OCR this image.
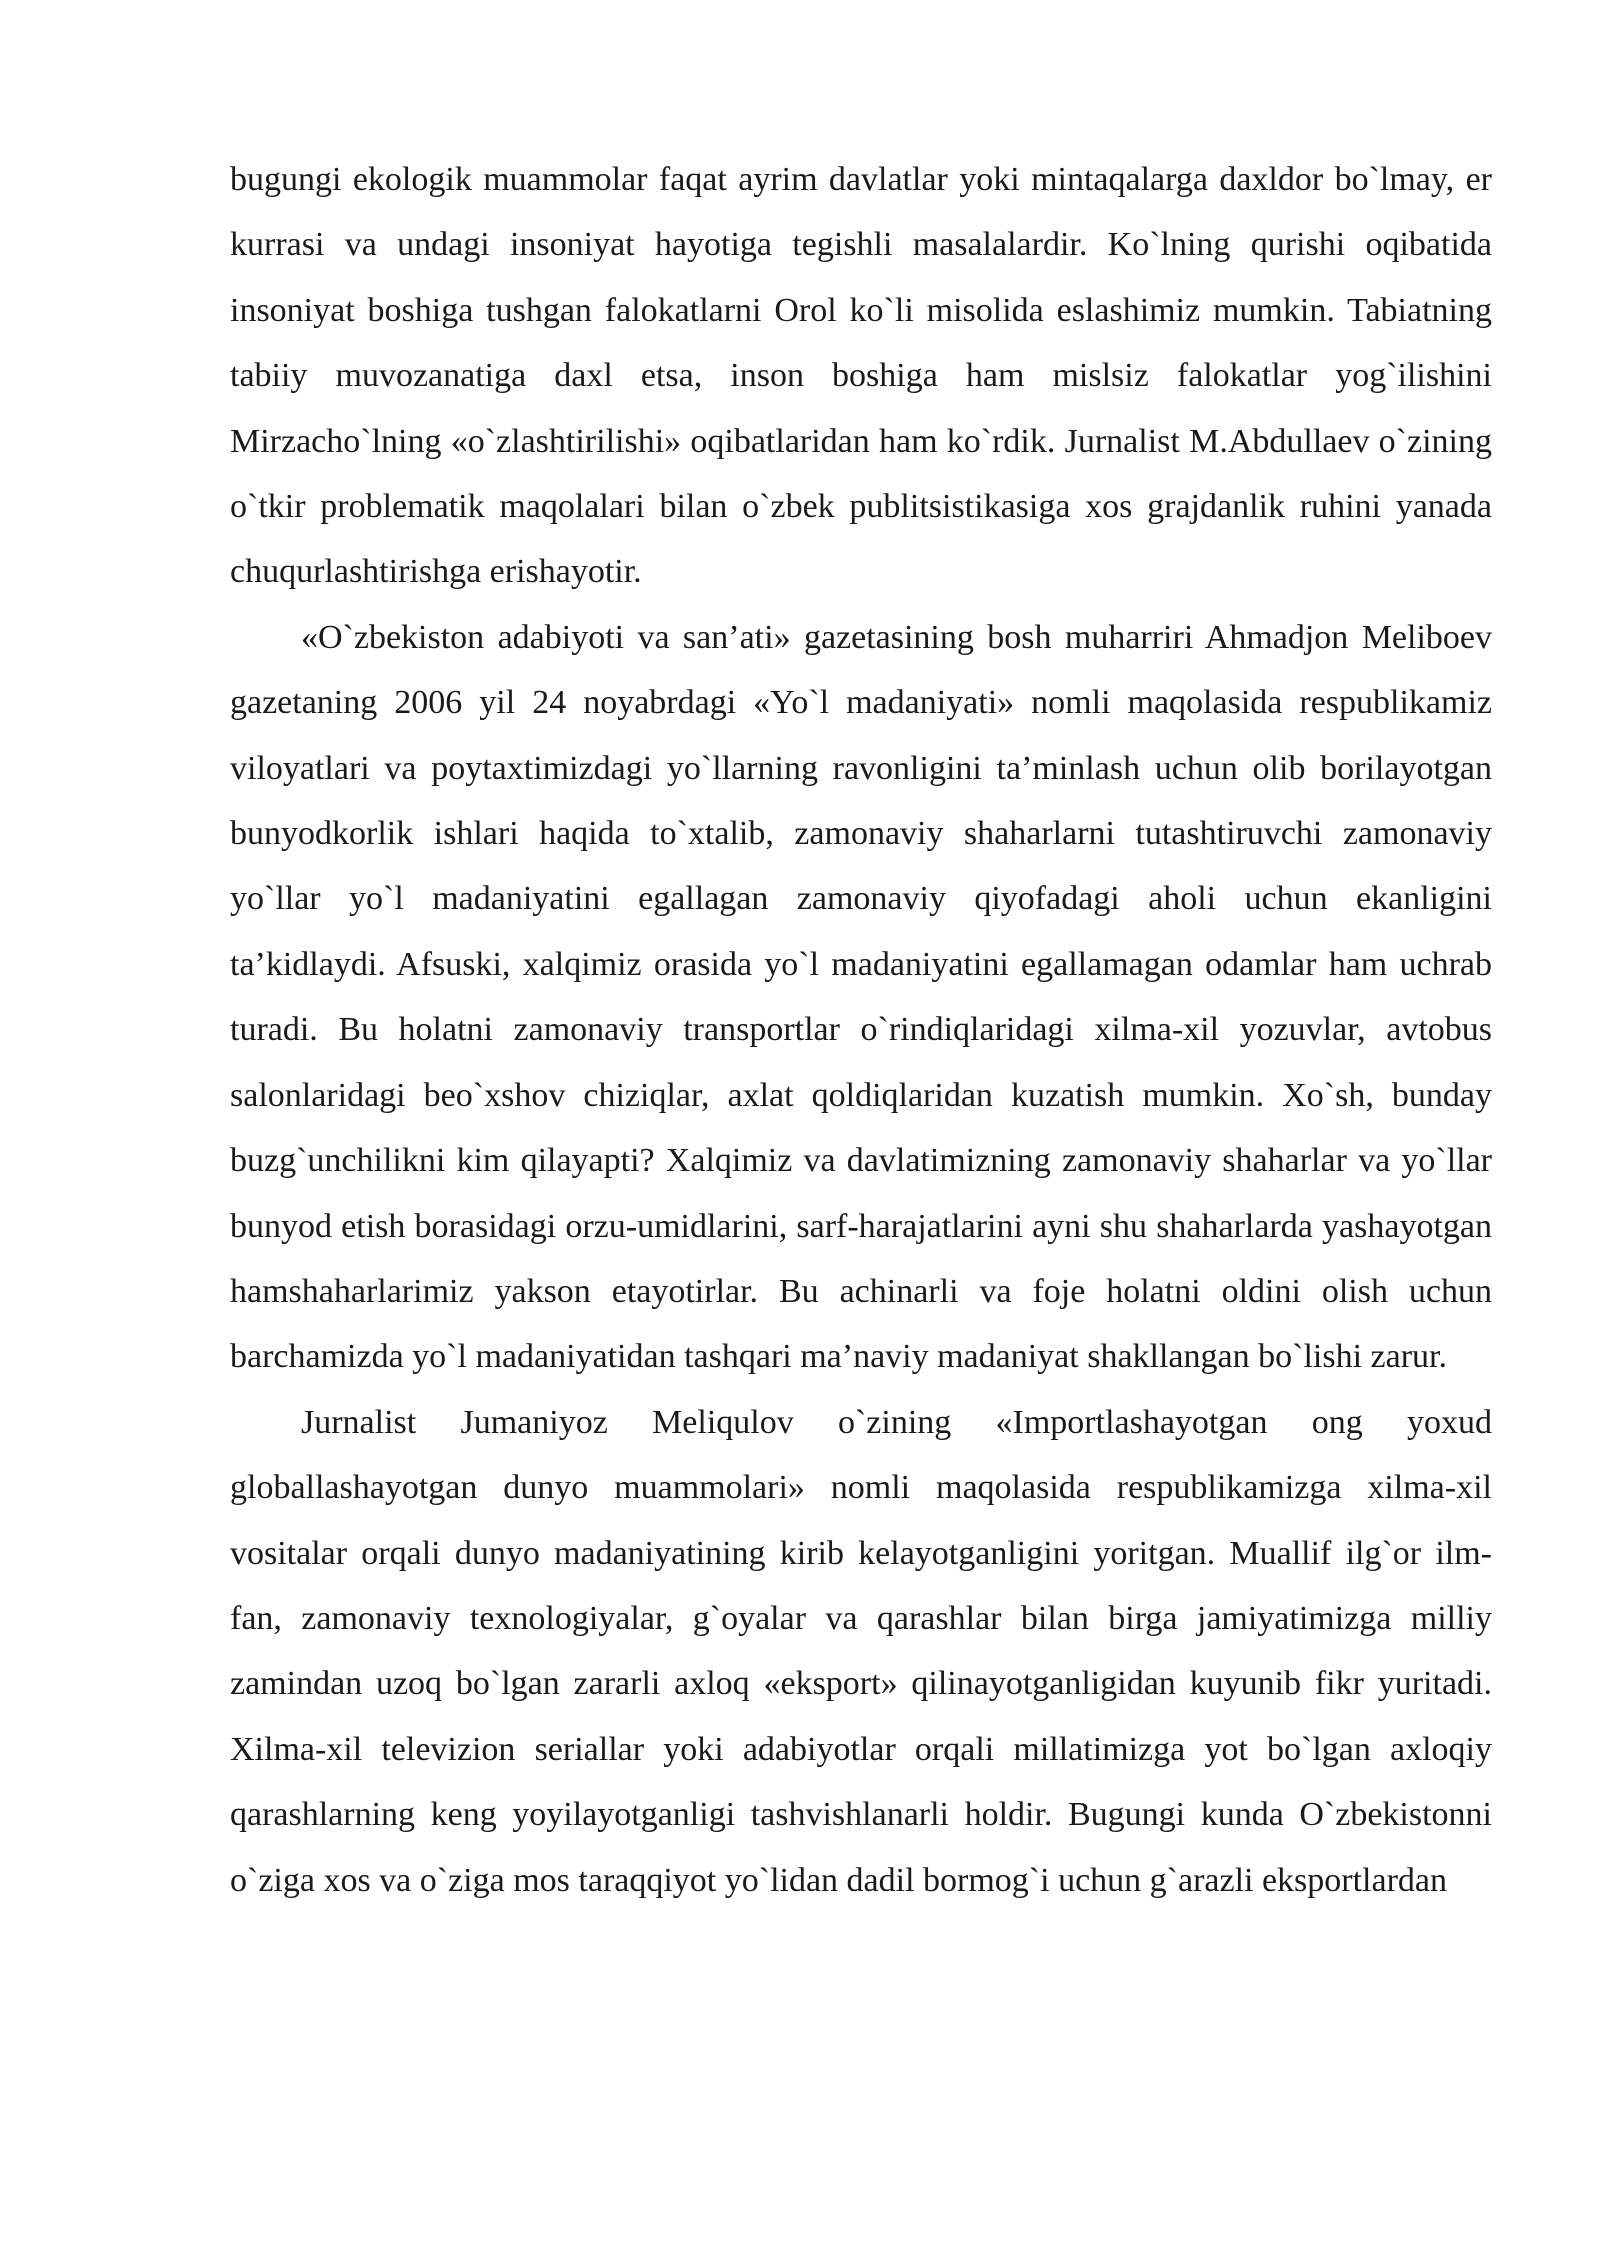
bugungi ekologik muammolar faqat ayrim davlatlar yoki mintaqalarga daxldor bo`lmay, er kurrasi va undagi insoniyat hayotiga tegishli masalalardir. Ko`lning qurishi oqibatida insoniyat boshiga tushgan falokatlarni Orol ko`li misolida eslashimiz mumkin. Tabiatning tabiiy muvozanatiga daxl etsa, inson boshiga ham mislsiz falokatlar yog`ilishini Mirzacho`lning «o`zlashtirilishi» oqibatlaridan ham ko`rdik. Jurnalist M.Abdullaev o`zining o`tkir problematik maqolalari bilan o`zbek publitsistikasiga xos grajdanlik ruhini yanada chuqurlashtirishga erishayotir.

«O`zbekiston adabiyoti va san’ati» gazetasining bosh muharriri Ahmadjon Meliboev gazetaning 2006 yil 24 noyabrdagi «Yo`l madaniyati» nomli maqolasida respublikamiz viloyatlari va poytaxtimizdagi yo`llarning ravonligini ta’minlash uchun olib borilayotgan bunyodkorlik ishlari haqida to`xtalib, zamonaviy shaharlarni tutashtiruvchi zamonaviy yo`llar yo`l madaniyatini egallagan zamonaviy qiyofadagi aholi uchun ekanligini ta’kidlaydi. Afsuski, xalqimiz orasida yo`l madaniyatini egallamagan odamlar ham uchrab turadi. Bu holatni zamonaviy transportlar o`rindiqlaridagi xilma-xil yozuvlar, avtobus salonlaridagi beo`xshov chiziqlar, axlat qoldiqlaridan kuzatish mumkin. Xo`sh, bunday buzg`unchilikni kim qilayapti? Xalqimiz va davlatimizning zamonaviy shaharlar va yo`llar bunyod etish borasidagi orzu-umidlarini, sarf-harajatlarini ayni shu shaharlarda yashayotgan hamshaharlarimiz yakson etayotirlar. Bu achinarli va foje holatni oldini olish uchun barchamizda yo`l madaniyatidan tashqari ma’naviy madaniyat shakllangan bo`lishi zarur.

Jurnalist Jumaniyoz Meliqulov o`zining «Importlashayotgan ong yoxud globallashayotgan dunyo muammolari» nomli maqolasida respublikamizga xilma-xil vositalar orqali dunyo madaniyatining kirib kelayotganligini yoritgan. Muallif ilg`or ilm-fan, zamonaviy texnologiyalar, g`oyalar va qarashlar bilan birga jamiyatimizga milliy zamindan uzoq bo`lgan zararli axloq «eksport» qilinayotganligidan kuyunib fikr yuritadi. Xilma-xil televizion seriallar yoki adabiyotlar orqali millatimizga yot bo`lgan axloqiy qarashlarning keng yoyilayotganligi tashvishlanarli holdir. Bugungi kunda O`zbekistonni o`ziga xos va o`ziga mos taraqqiyot yo`lidan dadil bormog`i uchun g`arazli eksportlardan
